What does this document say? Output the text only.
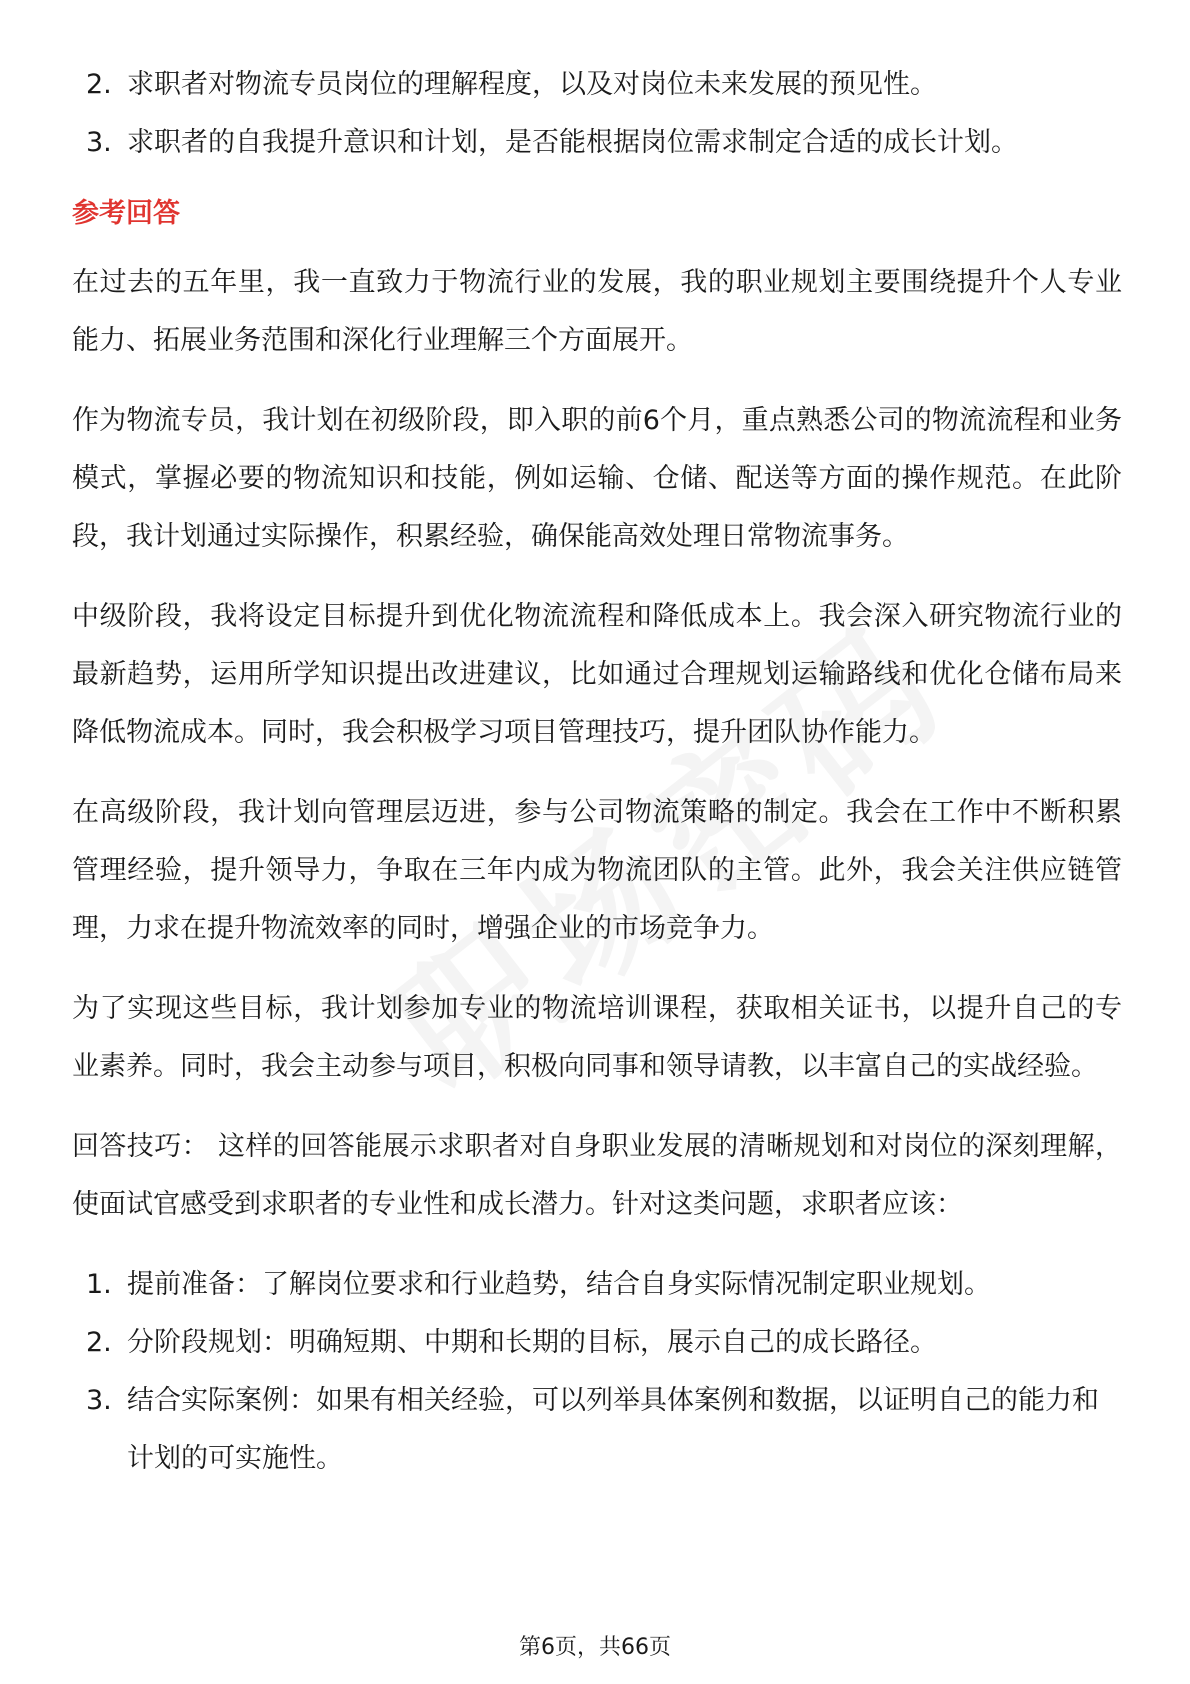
2. 求职者对物流专员岗位的理解程度，以及对岗位未来发展的预见性。
3. 求职者的自我提升意识和计划，是否能根据岗位需求制定合适的成长计划。
参考回答

在过去的五年里，我一直致力于物流行业的发展，我的职业规划主要围绕提升个人专业能力、拓展业务范围和深化行业理解三个方面展开。

作为物流专员，我计划在初级阶段，即入职的前6个月，重点熟悉公司的物流流程和业务模式，掌握必要的物流知识和技能，例如运输、仓储、配送等方面的操作规范。在此阶段，我计划通过实际操作，积累经验，确保能高效处理日常物流事务。

中级阶段，我将设定目标提升到优化物流流程和降低成本上。我会深入研究物流行业的最新趋势，运用所学知识提出改进建议，比如通过合理规划运输路线和优化仓储布局来降低物流成本。同时，我会积极学习项目管理技巧，提升团队协作能力。

在高级阶段，我计划向管理层迈进，参与公司物流策略的制定。我会在工作中不断积累管理经验，提升领导力，争取在三年内成为物流团队的主管。此外，我会关注供应链管理，力求在提升物流效率的同时，增强企业的市场竞争力。

为了实现这些目标，我计划参加专业的物流培训课程，获取相关证书，以提升自己的专业素养。同时，我会主动参与项目，积极向同事和领导请教，以丰富自己的实战经验。

回答技巧： 这样的回答能展示求职者对自身职业发展的清晰规划和对岗位的深刻理解，使面试官感受到求职者的专业性和成长潜力。针对这类问题，求职者应该：

1. 提前准备：了解岗位要求和行业趋势，结合自身实际情况制定职业规划。
2. 分阶段规划：明确短期、中期和长期的目标，展示自己的成长路径。
3. 结合实际案例：如果有相关经验，可以列举具体案例和数据，以证明自己的能力和计划的可实施性。
第6页，共66页
